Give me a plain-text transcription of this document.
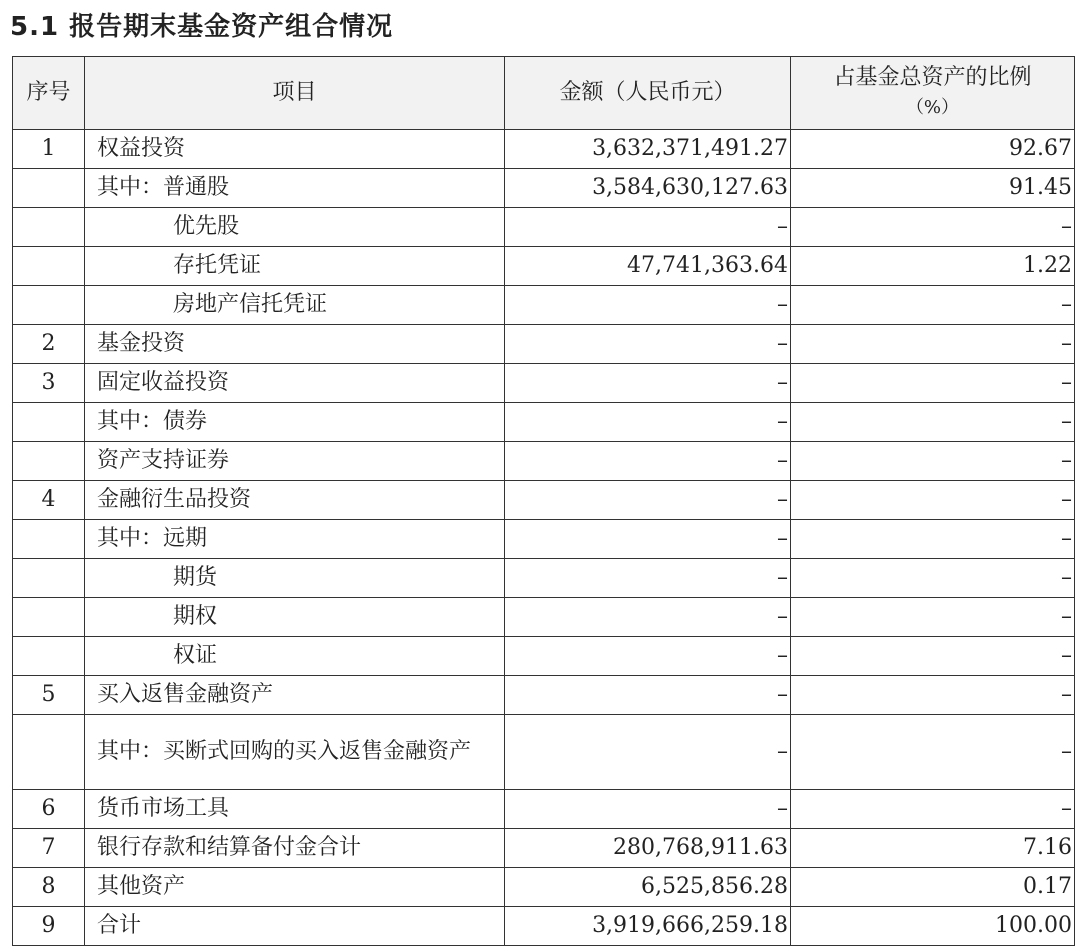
5.1 报告期末基金资产组合情况
序号	项目	金额（人民币元）	占基金总资产的比例
（%）

1	权益投资	3,632,371,491.27	92.67
	其中：普通股	3,584,630,127.63	91.45
	优先股	–	–
	存托凭证	47,741,363.64	1.22
	房地产信托凭证	–	–
2	基金投资	–	–
3	固定收益投资	–	–
	其中：债券	–	–
	资产支持证券	–	–
4	金融衍生品投资	–	–
	其中：远期	–	–
	期货	–	–
	期权	–	–
	权证	–	–
5	买入返售金融资产	–	–
	其中：买断式回购的买入返售金融资产	–	–
6	货币市场工具	–	–
7	银行存款和结算备付金合计	280,768,911.63	7.16
8	其他资产	6,525,856.28	0.17
9	合计	3,919,666,259.18	100.00
